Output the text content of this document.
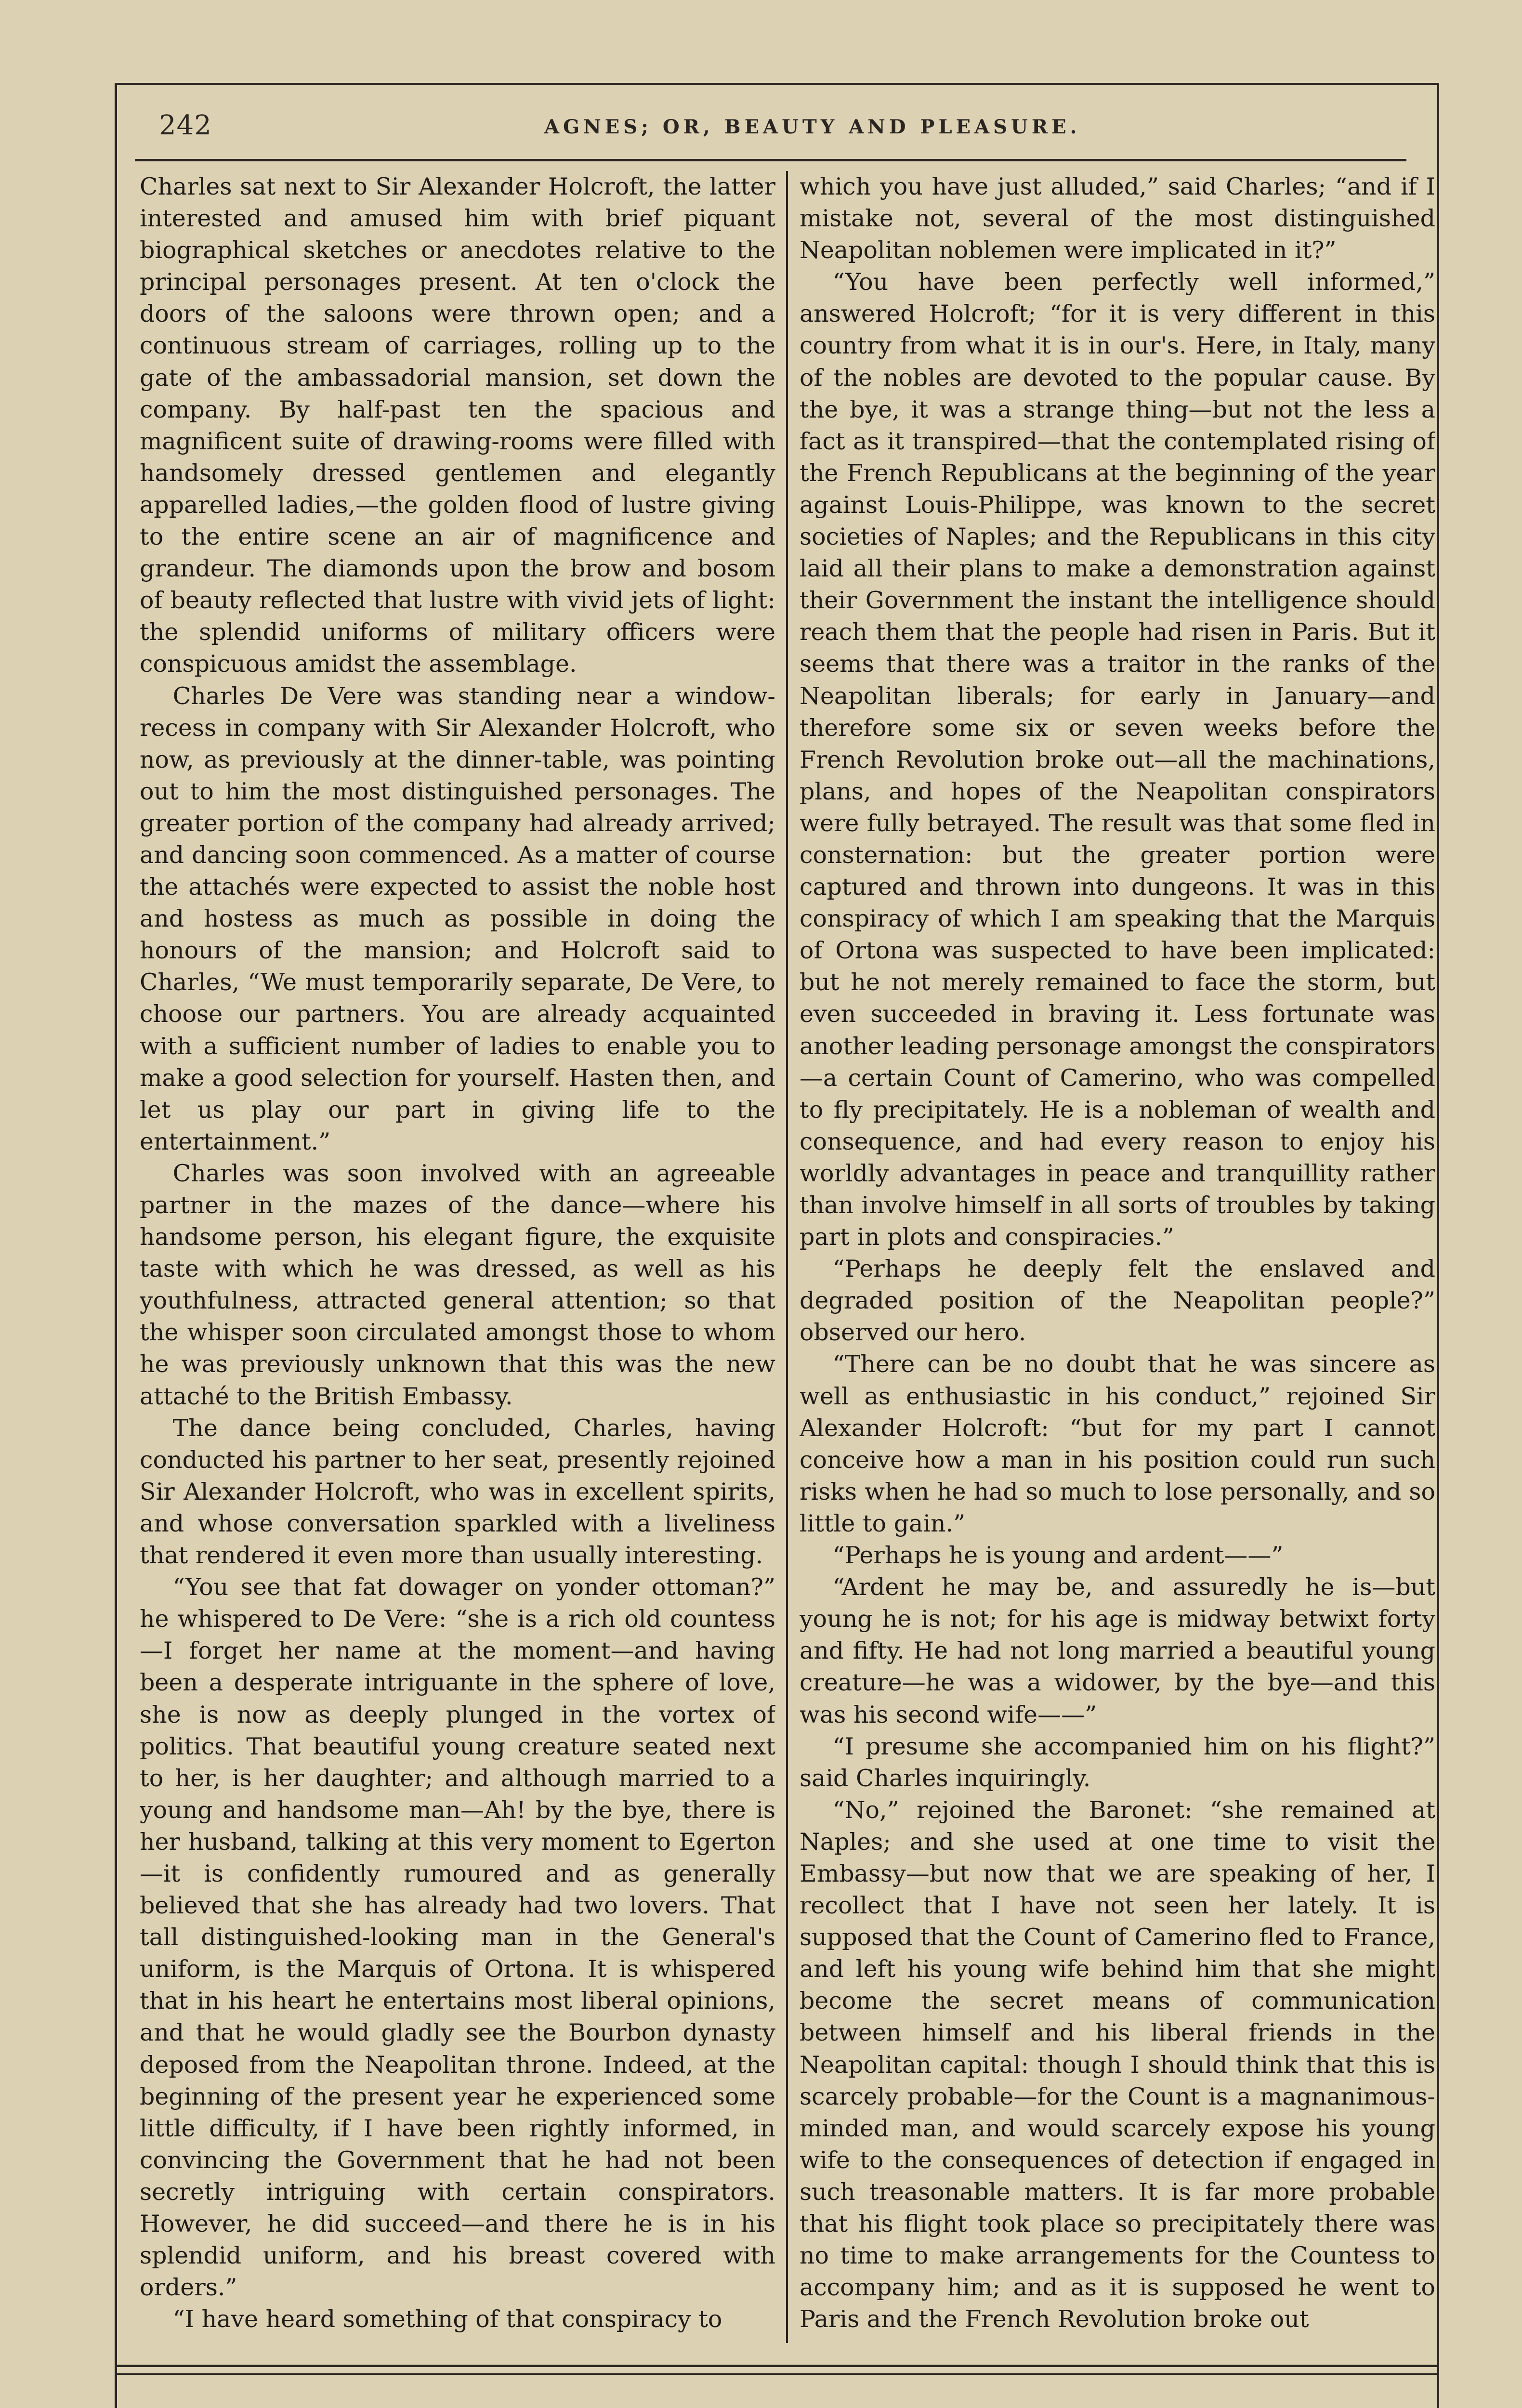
242	AGNES; OR, BEAUTY AND PLEASURE.

Charles sat next to Sir Alexander Holcroft, the latter interested and amused him with brief piquant biographical sketches or anecdotes relative to the principal personages present. At ten o'clock the doors of the saloons were thrown open; and a continuous stream of carriages, rolling up to the gate of the ambassadorial mansion, set down the company. By half-past ten the spacious and magnificent suite of drawing-rooms were filled with handsomely dressed gentlemen and elegantly apparelled ladies,—the golden flood of lustre giving to the entire scene an air of magnificence and grandeur. The diamonds upon the brow and bosom of beauty reflected that lustre with vivid jets of light: the splendid uniforms of military officers were conspicuous amidst the assemblage.

Charles De Vere was standing near a window-recess in company with Sir Alexander Holcroft, who now, as previously at the dinner-table, was pointing out to him the most distinguished personages. The greater portion of the company had already arrived; and dancing soon commenced. As a matter of course the attachés were expected to assist the noble host and hostess as much as possible in doing the honours of the mansion; and Holcroft said to Charles, “We must temporarily separate, De Vere, to choose our partners. You are already acquainted with a sufficient number of ladies to enable you to make a good selection for yourself. Hasten then, and let us play our part in giving life to the entertainment.”

Charles was soon involved with an agreeable partner in the mazes of the dance—where his handsome person, his elegant figure, the exquisite taste with which he was dressed, as well as his youthfulness, attracted general attention; so that the whisper soon circulated amongst those to whom he was previously unknown that this was the new attaché to the British Embassy.

The dance being concluded, Charles, having conducted his partner to her seat, presently rejoined Sir Alexander Holcroft, who was in excellent spirits, and whose conversation sparkled with a liveliness that rendered it even more than usually interesting.

“You see that fat dowager on yonder ottoman?” he whispered to De Vere: “she is a rich old countess—I forget her name at the moment—and having been a desperate intriguante in the sphere of love, she is now as deeply plunged in the vortex of politics. That beautiful young creature seated next to her, is her daughter; and although married to a young and handsome man—Ah! by the bye, there is her husband, talking at this very moment to Egerton—it is confidently rumoured and as generally believed that she has already had two lovers. That tall distinguished-looking man in the General's uniform, is the Marquis of Ortona. It is whispered that in his heart he entertains most liberal opinions, and that he would gladly see the Bourbon dynasty deposed from the Neapolitan throne. Indeed, at the beginning of the present year he experienced some little difficulty, if I have been rightly informed, in convincing the Government that he had not been secretly intriguing with certain conspirators. However, he did succeed—and there he is in his splendid uniform, and his breast covered with orders.”

“I have heard something of that conspiracy to

which you have just alluded,” said Charles; “and if I mistake not, several of the most distinguished Neapolitan noblemen were implicated in it?”

“You have been perfectly well informed,” answered Holcroft; “for it is very different in this country from what it is in our's. Here, in Italy, many of the nobles are devoted to the popular cause. By the bye, it was a strange thing—but not the less a fact as it transpired—that the contemplated rising of the French Republicans at the beginning of the year against Louis-Philippe, was known to the secret societies of Naples; and the Republicans in this city laid all their plans to make a demonstration against their Government the instant the intelligence should reach them that the people had risen in Paris. But it seems that there was a traitor in the ranks of the Neapolitan liberals; for early in January—and therefore some six or seven weeks before the French Revolution broke out—all the machinations, plans, and hopes of the Neapolitan conspirators were fully betrayed. The result was that some fled in consternation: but the greater portion were captured and thrown into dungeons. It was in this conspiracy of which I am speaking that the Marquis of Ortona was suspected to have been implicated: but he not merely remained to face the storm, but even succeeded in braving it. Less fortunate was another leading personage amongst the conspirators—a certain Count of Camerino, who was compelled to fly precipitately. He is a nobleman of wealth and consequence, and had every reason to enjoy his worldly advantages in peace and tranquillity rather than involve himself in all sorts of troubles by taking part in plots and conspiracies.”

“Perhaps he deeply felt the enslaved and degraded position of the Neapolitan people?” observed our hero.

“There can be no doubt that he was sincere as well as enthusiastic in his conduct,” rejoined Sir Alexander Holcroft: “but for my part I cannot conceive how a man in his position could run such risks when he had so much to lose personally, and so little to gain.”

“Perhaps he is young and ardent——”

“Ardent he may be, and assuredly he is—but young he is not; for his age is midway betwixt forty and fifty. He had not long married a beautiful young creature—he was a widower, by the bye—and this was his second wife——”

“I presume she accompanied him on his flight?” said Charles inquiringly.

“No,” rejoined the Baronet: “she remained at Naples; and she used at one time to visit the Embassy—but now that we are speaking of her, I recollect that I have not seen her lately. It is supposed that the Count of Camerino fled to France, and left his young wife behind him that she might become the secret means of communication between himself and his liberal friends in the Neapolitan capital: though I should think that this is scarcely probable—for the Count is a magnanimous-minded man, and would scarcely expose his young wife to the consequences of detection if engaged in such treasonable matters. It is far more probable that his flight took place so precipitately there was no time to make arrangements for the Countess to accompany him; and as it is supposed he went to Paris and the French Revolution broke out
